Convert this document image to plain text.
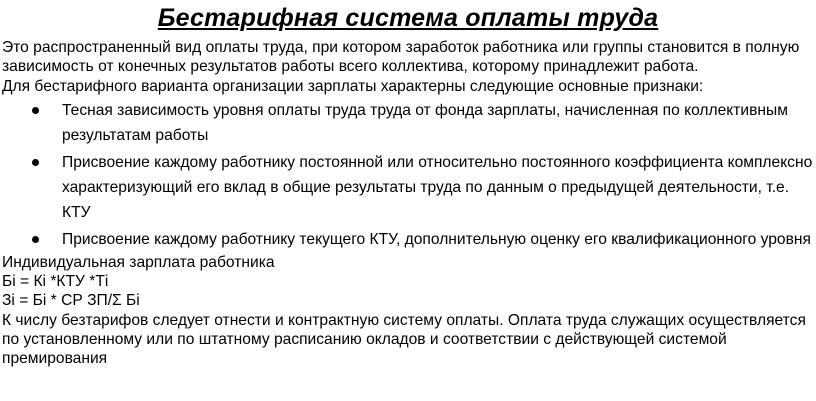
Бестарифная система оплаты труда

Это распространенный вид оплаты труда, при котором заработок работника или группы становится в полную зависимость от конечных результатов работы всего коллектива, которому принадлежит работа.

Для бестарифного варианта организации зарплаты характерны следующие основные признаки:

Тесная зависимость уровня оплаты труда труда от фонда зарплаты, начисленная по коллективным результатам работы
Присвоение каждому работнику постоянной или относительно постоянного коэффициента комплексно характеризующий его вклад в общие результаты труда по данным о предыдущей деятельности, т.е. КТУ
Присвоение каждому работнику текущего КТУ, дополнительную оценку его квалификационного уровня

Индивидуальная зарплата работника

Бi = Кi *КТУ *Тi

Зi = Бi * СР ЗП/Σ Бi

К числу безтарифов следует отнести и контрактную систему оплаты. Оплата труда служащих осуществляется по установленному или по штатному расписанию окладов и соответствии с действующей системой премирования
